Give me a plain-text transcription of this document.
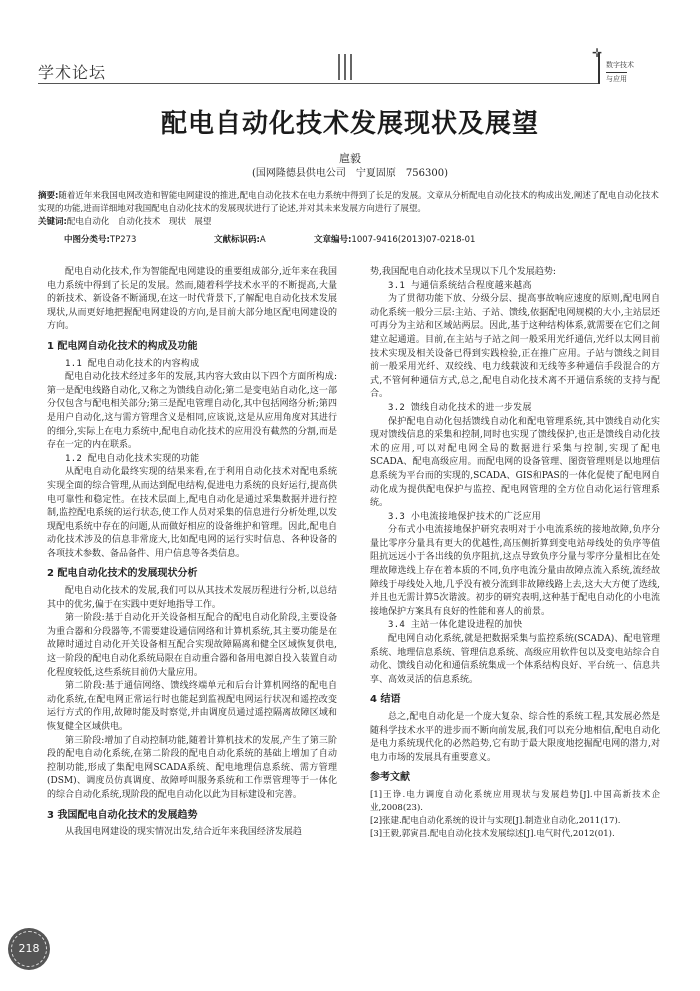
学术论坛
✛
数字技术
与应用
配电自动化技术发展现状及展望
扈毅
(国网隆德县供电公司　宁夏固原　756300)
摘要:随着近年来我国电网改造和智能电网建设的推进,配电自动化技术在电力系统中得到了长足的发展。文章从分析配电自动化技术的构成出发,阐述了配电自动化技术实现的功能,进而详细地对我国配电自动化技术的发展现状进行了论述,并对其未来发展方向进行了展望。
关键词:配电自动化　自动化技术　现状　展望
中图分类号:TP273	文献标识码:A	文章编号:1007-9416(2013)07-0218-01

配电自动化技术,作为智能配电网建设的重要组成部分,近年来在我国电力系统中得到了长足的发展。然而,随着科学技术水平的不断提高,大量的新技术、新设备不断涌现,在这一时代背景下,了解配电自动化技术发展现状,从而更好地把握配电网建设的方向,是目前大部分地区配电网建设的方向。

1 配电网自动化技术的构成及功能
1.1 配电自动化技术的内容构成

配电自动化技术经过多年的发展,其内容大致由以下四个方面所构成:第一是配电线路自动化,又称之为馈线自动化;第二是变电站自动化,这一部分仅包含与配电相关部分;第三是配电管理自动化,其中包括网络分析;第四是用户自动化,这与需方管理含义是相同,应该说,这是从应用角度对其进行的细分,实际上在电力系统中,配电自动化技术的应用没有截然的分割,而是存在一定的内在联系。

1.2 配电自动化技术实现的功能

从配电自动化最终实现的结果来看,在于利用自动化技术对配电系统实现全面的综合管理,从而达到配电结构,促进电力系统的良好运行,提高供电可靠性和稳定性。在技术层面上,配电自动化是通过采集数据并进行控制,监控配电系统的运行状态,使工作人员对采集的信息进行分析处理,以发现配电系统中存在的问题,从而做好相应的设备维护和管理。因此,配电自动化技术涉及的信息非常庞大,比如配电网的运行实时信息、各种设备的各项技术参数、备品备件、用户信息等各类信息。

2 配电自动化技术的发展现状分析

配电自动化技术的发展,我们可以从其技术发展历程进行分析,以总结其中的优劣,偏于在实践中更好地指导工作。

第一阶段:基于自动化开关设备相互配合的配电自动化阶段,主要设备为重合器和分段器等,不需要建设通信网络和计算机系统,其主要功能是在故障时通过自动化开关设备相互配合实现故障隔离和健全区域恢复供电,这一阶段的配电自动化系统局限在自动重合器和备用电源自投入装置自动化程度较低,这些系统目前仍大量应用。

第二阶段:基于通信网络、馈线终端单元和后台计算机网络的配电自动化系统,在配电网正常运行时也能起到监视配电网运行状况和遥控改变运行方式的作用,故障时能及时察觉,并由调度员通过遥控隔离故障区域和恢复健全区域供电。

第三阶段:增加了自动控制功能,随着计算机技术的发展,产生了第三阶段的配电自动化系统,在第二阶段的配电自动化系统的基础上增加了自动控制功能,形成了集配电网SCADA系统、配电地理信息系统、需方管理(DSM)、调度员仿真调度、故障呼叫服务系统和工作票管理等于一体化的综合自动化系统,现阶段的配电自动化以此为目标建设和完善。

3 我国配电自动化技术的发展趋势

从我国电网建设的现实情况出发,结合近年来我国经济发展趋

势,我国配电自动化技术呈现以下几个发展趋势:

3.1 与通信系统结合程度越来越高

为了贯彻功能下放、分级分层、提高事故响应速度的原则,配电网自动化系统一般分三层:主站、子站、馈线,依据配电网规模的大小,主站层还可再分为主站和区域站两层。因此,基于这种结构体系,就需要在它们之间建立起通道。目前,在主站与子站之间一般采用光纤通信,光纤以太网目前技术实现及相关设备已得到实践检验,正在推广应用。子站与馈线之间目前一般采用光纤、双绞线、电力线载波和无线等多种通信手段混合的方式,不管何种通信方式,总之,配电自动化技术离不开通信系统的支持与配合。

3.2 馈线自动化技术的进一步发展

保护配电自动化包括馈线自动化和配电管理系统,其中馈线自动化实现对馈线信息的采集和控制,同时也实现了馈线保护,也正是馈线自动化技术的应用,可以对配电网全局的数据进行采集与控制,实现了配电SCADA、配电高级应用。而配电网的设备管理、图资管理则是以地理信息系统为平台而的实现的,SCADA、GIS和PAS的一体化促使了配电网自动化成为提供配电保护与监控、配电网管理的全方位自动化运行管理系统。

3.3 小电流接地保护技术的广泛应用

分布式小电流接地保护研究表明对于小电流系统的接地故障,负序分量比零序分量具有更大的优越性,高压侧折算到变电站母线处的负序等值阻抗远远小于各出线的负序阻抗,这点导致负序分量与零序分量相比在处理故障选线上存在着本质的不同,负序电流分量由故障点流入系统,流经故障线于母线处入地,几乎没有被分流到非故障线路上去,这大大方便了选线,并且也无需计算5次谐波。初步的研究表明,这种基于配电自动化的小电流接地保护方案具有良好的性能和喜人的前景。

3.4 主站一体化建设进程的加快

配电网自动化系统,就是把数据采集与监控系统(SCADA)、配电管理系统、地理信息系统、管理信息系统、高级应用软件包以及变电站综合自动化、馈线自动化和通信系统集成一个体系结构良好、平台统一、信息共享、高效灵活的信息系统。

4 结语

总之,配电自动化是一个庞大复杂、综合性的系统工程,其发展必然是随科学技术水平的进步而不断向前发展,我们可以充分地相信,配电自动化是电力系统现代化的必然趋势,它有助于最大限度地挖掘配电网的潜力,对电力市场的发展具有重要意义。

参考文献

[1]王诤.电力调度自动化系统应用现状与发展趋势[J].中国高新技术企业,2008(23).

[2]张建.配电自动化系统的设计与实现[J].制造业自动化,2011(17).

[3]王毅,郭寅昌.配电自动化技术发展综述[J].电气时代,2012(01).

218
